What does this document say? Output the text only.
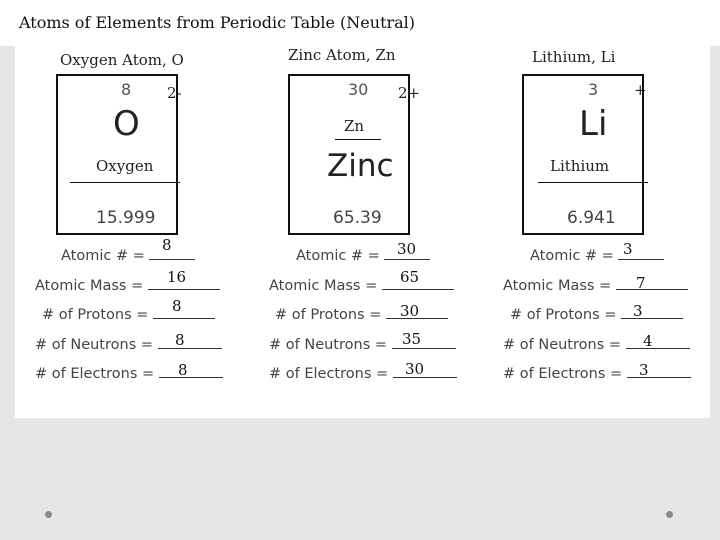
Atoms of Elements from Periodic Table (Neutral)
Oxygen Atom, O
8
O
15.999
2-
Oxygen
Atomic # =
8
Atomic Mass =	16
# of Protons =	8
# of Neutrons =	8
# of Electrons =	8
Zinc Atom, Zn
30
Zinc
65.39
2+
Zn
Atomic # =	30
Atomic Mass =	65
# of Protons =	30
# of Neutrons = 35
# of Electrons =	30
Lithium, Li
3
Li
6.941
+
Lithium
Atomic # = 3
Atomic Mass =	7
# of Protons =	3
# of Neutrons =	4
# of Electrons =	3
